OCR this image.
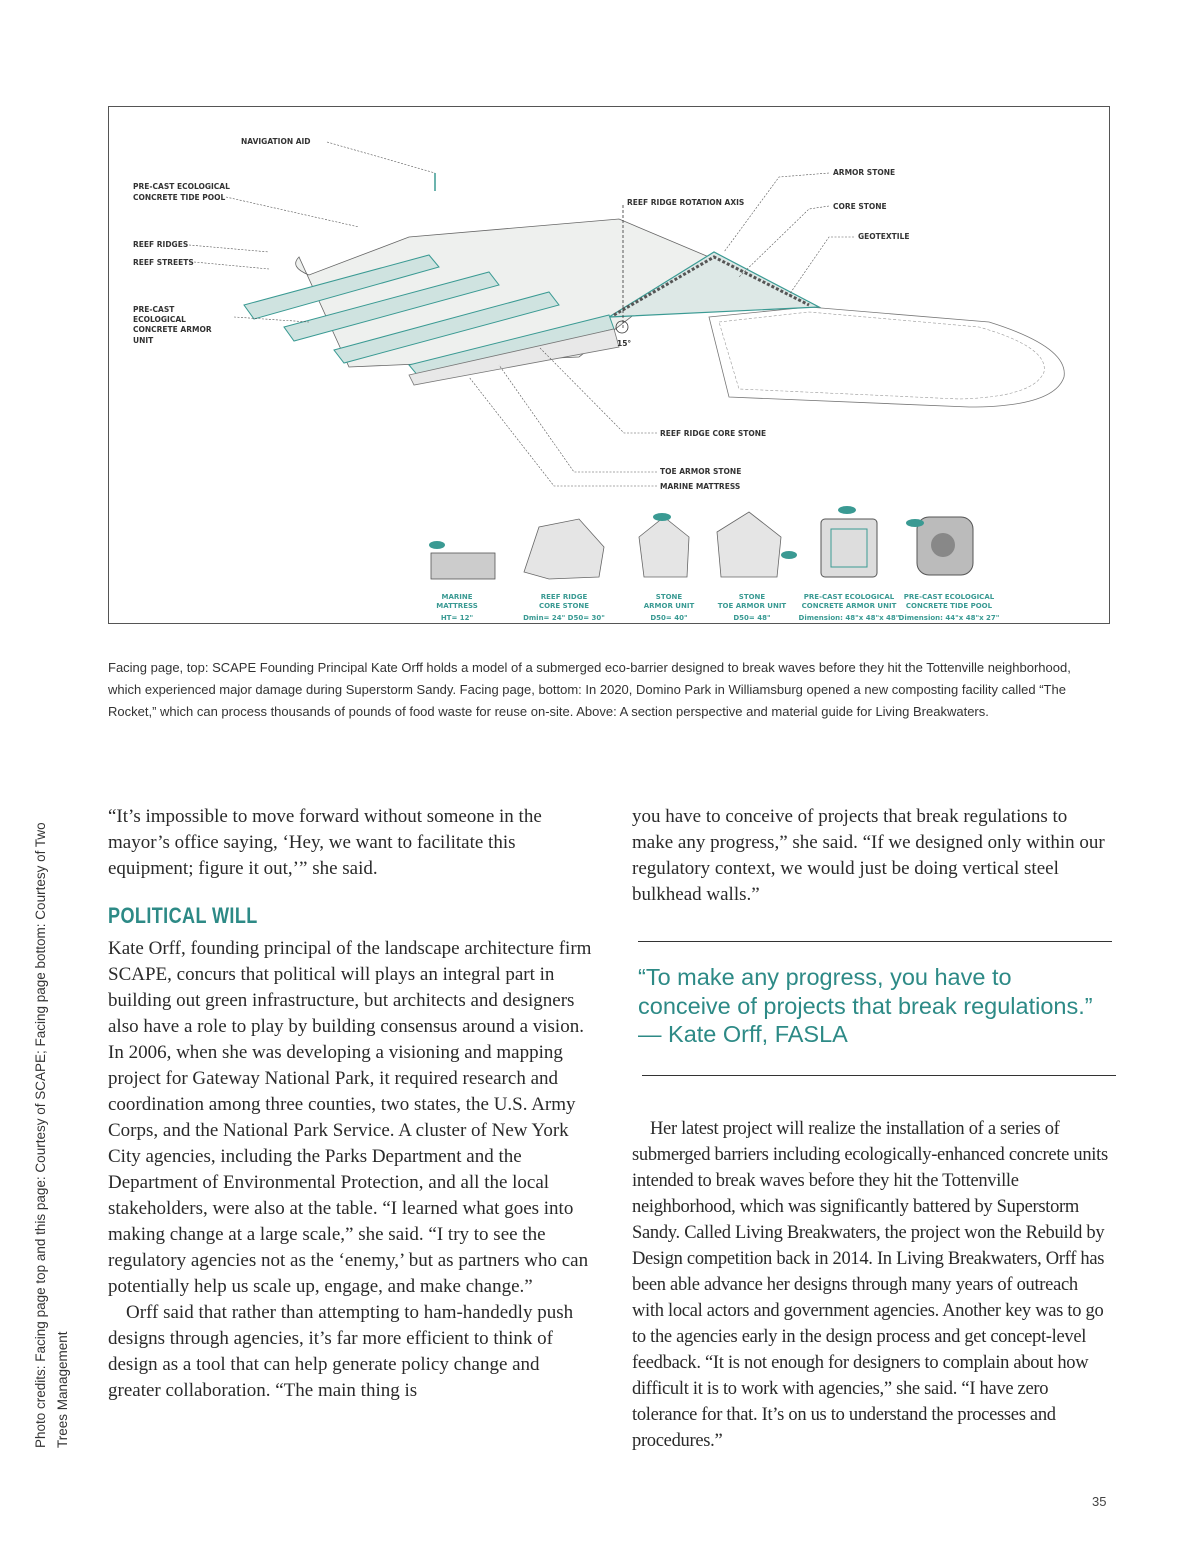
NAVIGATION AID
PRE-CAST ECOLOGICAL
CONCRETE TIDE POOL
REEF RIDGES
REEF STREETS
PRE-CAST
ECOLOGICAL
CONCRETE ARMOR
UNIT
REEF RIDGE ROTATION AXIS
ARMOR STONE
CORE STONE
GEOTEXTILE
15°
REEF RIDGE CORE STONE
TOE ARMOR STONE
MARINE MATTRESS
MARINE
MATTRESS
HT= 12"
REEF RIDGE
CORE STONE
Dmin= 24" D50= 30"
STONE
ARMOR UNIT
D50= 40"
STONE
TOE ARMOR UNIT
D50= 48"
PRE-CAST ECOLOGICAL
CONCRETE ARMOR UNIT
Dimension: 48"x 48"x 48"
PRE-CAST ECOLOGICAL
CONCRETE TIDE POOL
Dimension: 44"x 48"x 27"

Facing page, top: SCAPE Founding Principal Kate Orff holds a model of a submerged eco-barrier designed to break waves before they hit the Tottenville neighborhood, which experienced major damage during Superstorm Sandy. Facing page, bottom: In 2020, Domino Park in Williamsburg opened a new composting facility called “The Rocket,” which can process thousands of pounds of food waste for reuse on-site. Above: A section perspective and material guide for Living Breakwaters.

Photo credits: Facing page top and this page: Courtesy of SCAPE; Facing page bottom: Courtesy of Two Trees Management

“It’s impossible to move forward without someone in the mayor’s office saying, ‘Hey, we want to facilitate this equipment; figure it out,’” she said.

POLITICAL WILL

Kate Orff, founding principal of the landscape architecture firm SCAPE, concurs that political will plays an integral part in building out green infrastructure, but architects and designers also have a role to play by building consensus around a vision. In 2006, when she was developing a visioning and mapping project for Gateway National Park, it required research and coordination among three counties, two states, the U.S. Army Corps, and the National Park Service. A cluster of New York City agencies, including the Parks Department and the Department of Environmental Protection, and all the local stakeholders, were also at the table. “I learned what goes into making change at a large scale,” she said. “I try to see the regulatory agencies not as the ‘enemy,’ but as partners who can potentially help us scale up, engage, and make change.”

Orff said that rather than attempting to ham-handedly push designs through agencies, it’s far more efficient to think of design as a tool that can help generate policy change and greater collaboration. “The main thing is

you have to conceive of projects that break regulations to make any progress,” she said. “If we designed only within our regulatory context, we would just be doing vertical steel bulkhead walls.”

“To make any progress, you have to conceive of projects that break regulations.” — Kate Orff, FASLA

Her latest project will realize the installation of a series of submerged barriers including ecologically-enhanced concrete units intended to break waves before they hit the Tottenville neighborhood, which was significantly battered by Superstorm Sandy. Called Living Breakwaters, the project won the Rebuild by Design competition back in 2014. In Living Breakwaters, Orff has been able advance her designs through many years of outreach with local actors and government agencies. Another key was to go to the agencies early in the design process and get concept-level feedback. “It is not enough for designers to complain about how difficult it is to work with agencies,” she said. “I have zero tolerance for that. It’s on us to understand the processes and procedures.”

35
